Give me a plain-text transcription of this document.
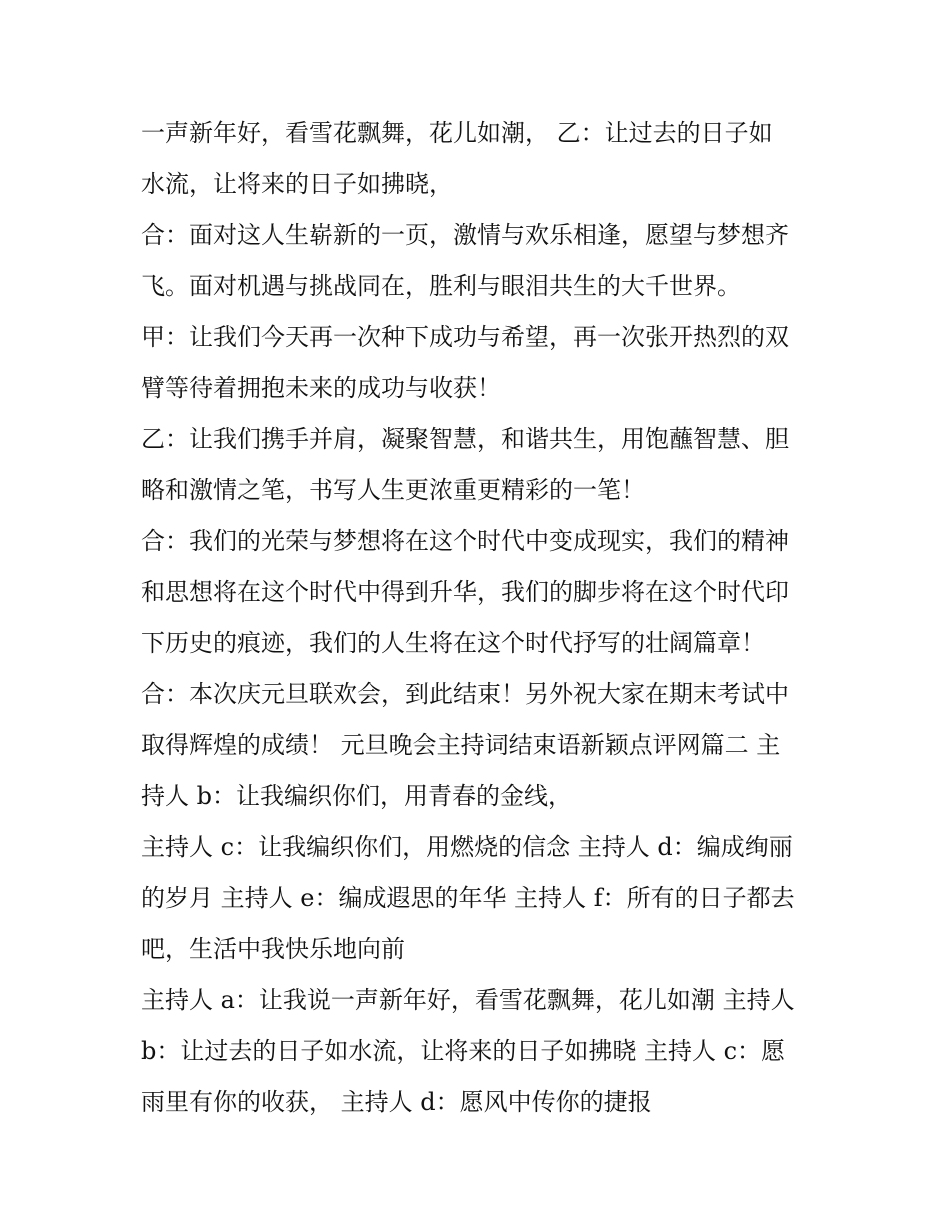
一声新年好，看雪花飘舞，花儿如潮， 乙：让过去的日子如
水流，让将来的日子如拂晓，
合：面对这人生崭新的一页，激情与欢乐相逢，愿望与梦想齐
飞。面对机遇与挑战同在，胜利与眼泪共生的大千世界。
甲：让我们今天再一次种下成功与希望，再一次张开热烈的双
臂等待着拥抱未来的成功与收获！
乙：让我们携手并肩，凝聚智慧，和谐共生，用饱蘸智慧、胆
略和激情之笔，书写人生更浓重更精彩的一笔！
合：我们的光荣与梦想将在这个时代中变成现实，我们的精神
和思想将在这个时代中得到升华，我们的脚步将在这个时代印
下历史的痕迹，我们的人生将在这个时代抒写的壮阔篇章！
合：本次庆元旦联欢会，到此结束！另外祝大家在期末考试中
取得辉煌的成绩！ 元旦晚会主持词结束语新颖点评网篇二 主
持人 b：让我编织你们，用青春的金线，
主持人 c：让我编织你们，用燃烧的信念 主持人 d：编成绚丽
的岁月 主持人 e：编成遐思的年华 主持人 f：所有的日子都去
吧，生活中我快乐地向前
主持人 a：让我说一声新年好，看雪花飘舞，花儿如潮 主持人
b：让过去的日子如水流，让将来的日子如拂晓 主持人 c：愿
雨里有你的收获， 主持人 d：愿风中传你的捷报
